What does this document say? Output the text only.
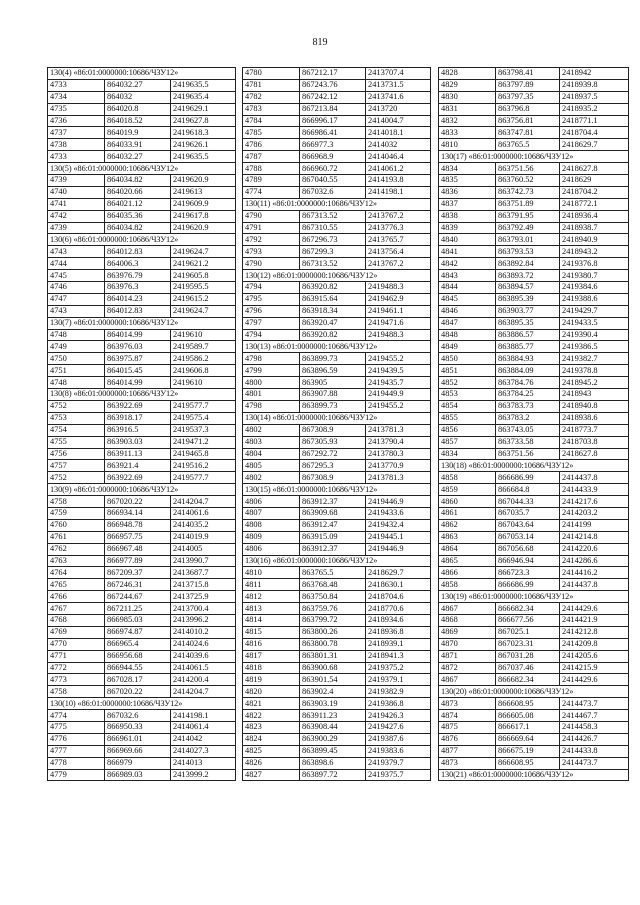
819
130(4) «86:01:0000000:10686/ЧЗУ12»		
4733	864032.27	2419635.5
4734	864032	2419635.4
4735	864020.8	2419629.1
4736	864018.52	2419627.8
4737	864019.9	2419618.3
4738	864033.91	2419626.1
4733	864032.27	2419635.5
130(5) «86:01:0000000:10686/ЧЗУ12»		
4739	864034.82	2419620.9
4740	864020.66	2419613
4741	864021.12	2419609.9
4742	864035.36	2419617.8
4739	864034.82	2419620.9
130(6) «86:01:0000000:10686/ЧЗУ12»		
4743	864012.83	2419624.7
4744	864006.3	2419621.2
4745	863976.79	2419605.8
4746	863976.3	2419595.5
4747	864014.23	2419615.2
4743	864012.83	2419624.7
130(7) «86:01:0000000:10686/ЧЗУ12»		
4748	864014.99	2419610
4749	863976.03	2419589.7
4750	863975.87	2419586.2
4751	864015.45	2419606.8
4748	864014.99	2419610
130(8) «86:01:0000000:10686/ЧЗУ12»		
4752	863922.69	2419577.7
4753	863918.17	2419575.4
4754	863916.5	2419537.3
4755	863903.03	2419471.2
4756	863911.13	2419465.8
4757	863921.4	2419516.2
4752	863922.69	2419577.7
130(9) «86:01:0000000:10686/ЧЗУ12»		
4758	867020.22	2414204.7
4759	866934.14	2414061.6
4760	866948.78	2414035.2
4761	866957.75	2414019.9
4762	866967.48	2414005
4763	866977.89	2413990.7
4764	867209.37	2413687.7
4765	867246.31	2413715.8
4766	867244.67	2413725.9
4767	867211.25	2413700.4
4768	866985.03	2413996.2
4769	866974.87	2414010.2
4770	866965.4	2414024.6
4771	866956.68	2414039.6
4772	866944.55	2414061.5
4773	867028.17	2414200.4
4758	867020.22	2414204.7
130(10) «86:01:0000000:10686/ЧЗУ12»		
4774	867032.6	2414198.1
4775	866950.33	2414061.4
4776	866961.01	2414042
4777	866969.66	2414027.3
4778	866979	2414013
4779	866989.03	2413999.2
4780	867212.17	2413707.4
4781	867243.76	2413731.5
4782	867242.12	2413741.6
4783	867213.84	2413720
4784	866996.17	2414004.7
4785	866986.41	2414018.1
4786	866977.3	2414032
4787	866968.9	2414046.4
4788	866960.72	2414061.2
4789	867040.55	2414193.8
4774	867032.6	2414198.1
130(11) «86:01:0000000:10686/ЧЗУ12»		
4790	867313.52	2413767.2
4791	867310.55	2413776.3
4792	867296.73	2413765.7
4793	867299.3	2413756.4
4790	867313.52	2413767.2
130(12) «86:01:0000000:10686/ЧЗУ12»		
4794	863920.82	2419488.3
4795	863915.64	2419462.9
4796	863918.34	2419461.1
4797	863920.47	2419471.6
4794	863920.82	2419488.3
130(13) «86:01:0000000:10686/ЧЗУ12»		
4798	863899.73	2419455.2
4799	863896.59	2419439.5
4800	863905	2419435.7
4801	863907.88	2419449.9
4798	863899.73	2419455.2
130(14) «86:01:0000000:10686/ЧЗУ12»		
4802	867308.9	2413781.3
4803	867305.93	2413790.4
4804	867292.72	2413780.3
4805	867295.3	2413770.9
4802	867308.9	2413781.3
130(15) «86:01:0000000:10686/ЧЗУ12»		
4806	863912.37	2419446.9
4807	863909.68	2419433.6
4808	863912.47	2419432.4
4809	863915.09	2419445.1
4806	863912.37	2419446.9
130(16) «86:01:0000000:10686/ЧЗУ12»		
4810	863765.5	2418629.7
4811	863768.48	2418630.1
4812	863750.84	2418704.6
4813	863759.76	2418770.6
4814	863799.72	2418934.6
4815	863800.26	2418936.8
4816	863800.78	2418939.1
4817	863801.31	2418941.3
4818	863900.68	2419375.2
4819	863901.54	2419379.1
4820	863902.4	2419382.9
4821	863903.19	2419386.8
4822	863911.23	2419426.3
4823	863908.44	2419427.6
4824	863900.29	2419387.6
4825	863899.45	2419383.6
4826	863898.6	2419379.7
4827	863897.72	2419375.7
4828	863798.41	2418942
4829	863797.89	2418939.8
4830	863797.35	2418937.5
4831	863796.8	2418935.2
4832	863756.81	2418771.1
4833	863747.81	2418704.4
4810	863765.5	2418629.7
130(17) «86:01:0000000:10686/ЧЗУ12»		
4834	863751.56	2418627.8
4835	863760.52	2418629
4836	863742.73	2418704.2
4837	863751.89	2418772.1
4838	863791.95	2418936.4
4839	863792.49	2418938.7
4840	863793.01	2418940.9
4841	863793.53	2418943.2
4842	863892.84	2419376.8
4843	863893.72	2419380.7
4844	863894.57	2419384.6
4845	863895.39	2419388.6
4846	863903.77	2419429.7
4847	863895.35	2419433.5
4848	863886.57	2419390.4
4849	863885.77	2419386.5
4850	863884.93	2419382.7
4851	863884.09	2419378.8
4852	863784.76	2418945.2
4853	863784.25	2418943
4854	863783.73	2418940.8
4855	863783.2	2418938.6
4856	863743.05	2418773.7
4857	863733.58	2418703.8
4834	863751.56	2418627.8
130(18) «86:01:0000000:10686/ЧЗУ12»		
4858	866686.99	2414437.8
4859	866684.8	2414433.9
4860	867044.33	2414217.6
4861	867035.7	2414203.2
4862	867043.64	2414199
4863	867053.14	2414214.8
4864	867056.68	2414220.6
4865	866946.94	2414286.6
4866	866723.3	2414416.2
4858	866686.99	2414437.8
130(19) «86:01:0000000:10686/ЧЗУ12»		
4867	866682.34	2414429.6
4868	866677.56	2414421.9
4869	867025.1	2414212.8
4870	867023.31	2414209.8
4871	867031.28	2414205.6
4872	867037.46	2414215.9
4867	866682.34	2414429.6
130(20) «86:01:0000000:10686/ЧЗУ12»		
4873	866608.95	2414473.7
4874	866605.08	2414467.7
4875	866617.1	2414458.3
4876	866669.64	2414426.7
4877	866675.19	2414433.8
4873	866608.95	2414473.7
130(21) «86:01:0000000:10686/ЧЗУ12»		
